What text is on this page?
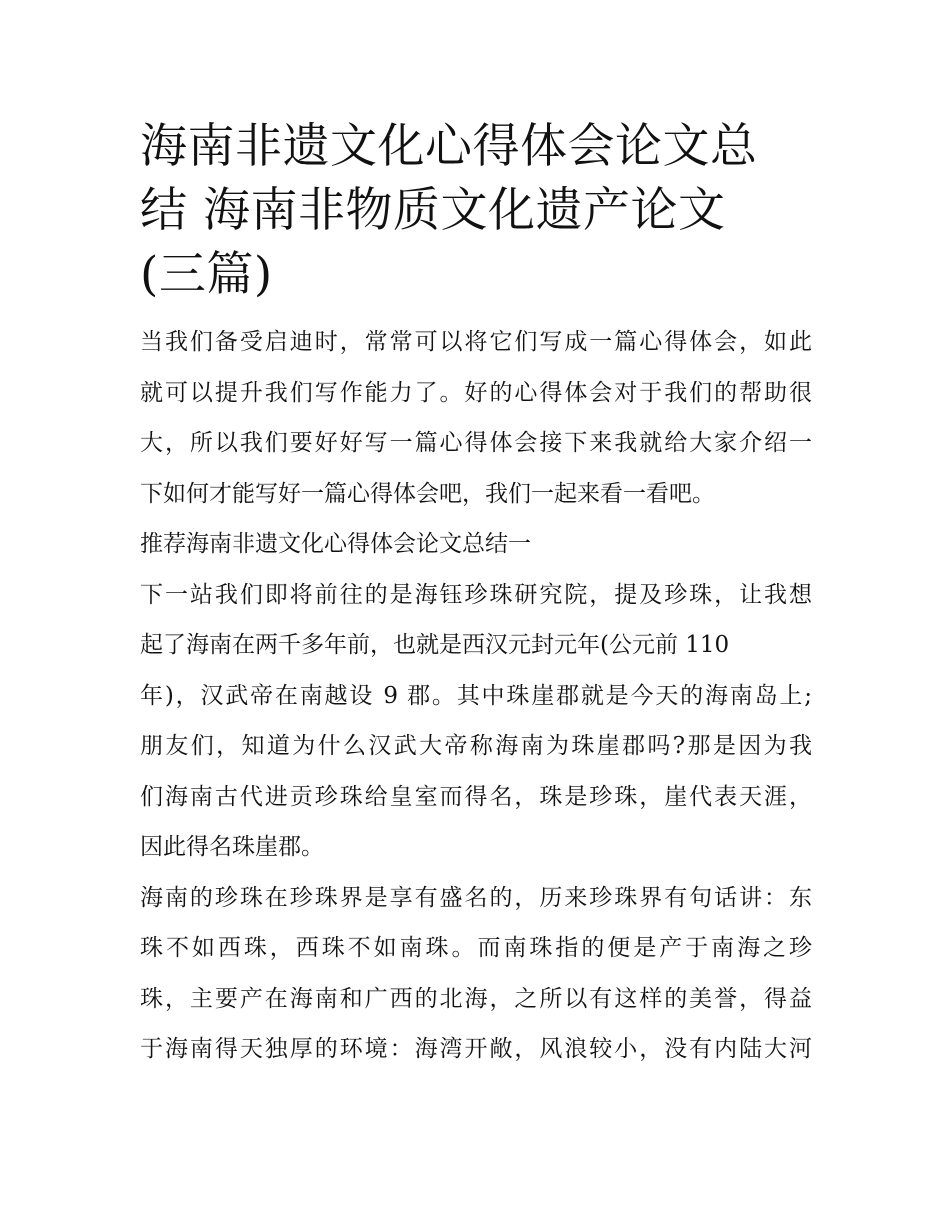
海南非遗文化心得体会论文总
结 海南非物质文化遗产论文
(三篇)

当我们备受启迪时，常常可以将它们写成一篇心得体会，如此
就可以提升我们写作能力了。好的心得体会对于我们的帮助很
大，所以我们要好好写一篇心得体会接下来我就给大家介绍一
下如何才能写好一篇心得体会吧，我们一起来看一看吧。

推荐海南非遗文化心得体会论文总结一

下一站我们即将前往的是海钰珍珠研究院，提及珍珠，让我想
起了海南在两千多年前，也就是西汉元封元年(公元前 110
年)，汉武帝在南越设 9 郡。其中珠崖郡就是今天的海南岛上;
朋友们，知道为什么汉武大帝称海南为珠崖郡吗?那是因为我
们海南古代进贡珍珠给皇室而得名，珠是珍珠，崖代表天涯，
因此得名珠崖郡。

海南的珍珠在珍珠界是享有盛名的，历来珍珠界有句话讲：东
珠不如西珠，西珠不如南珠。而南珠指的便是产于南海之珍
珠，主要产在海南和广西的北海，之所以有这样的美誉，得益
于海南得天独厚的环境：海湾开敞，风浪较小，没有内陆大河
